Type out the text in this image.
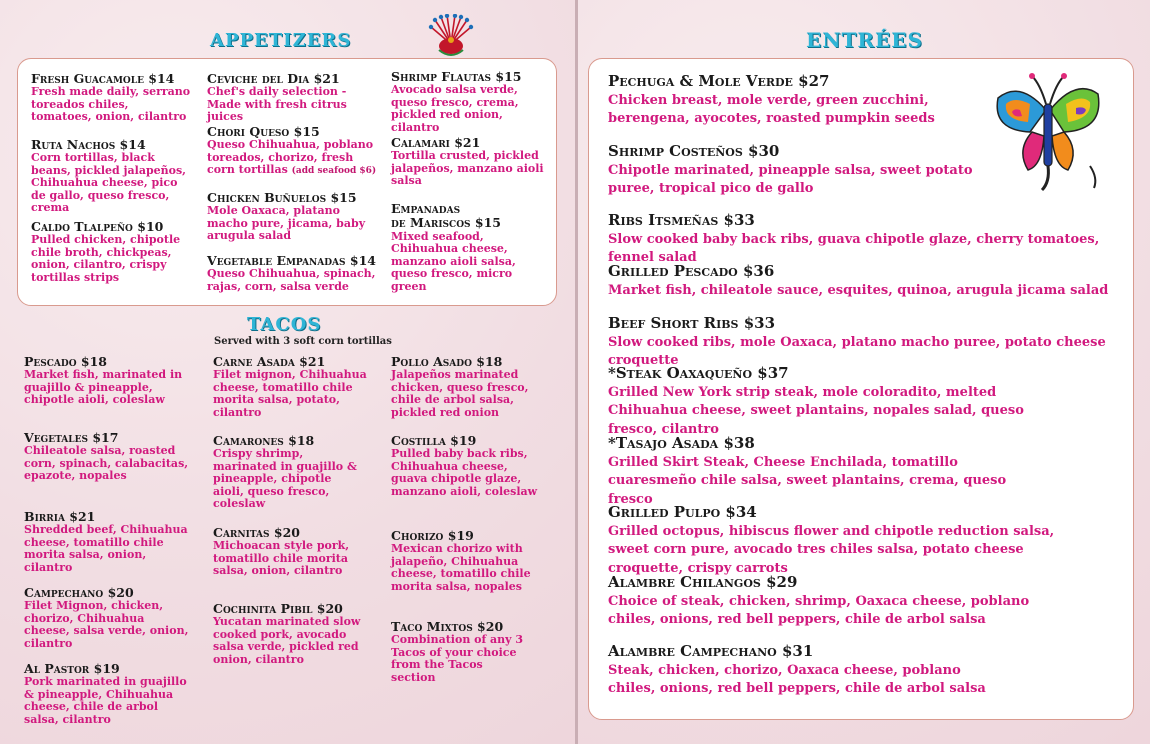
APPETIZERS
Fresh Guacamole $14
Fresh made daily, serrano toreados chiles, tomatoes, onion, cilantro
Ruta Nachos $14
Corn tortillas, black beans, pickled jalapeños, Chihuahua cheese, pico de gallo, queso fresco, crema
Caldo Tlalpeño $10
Pulled chicken, chipotle chile broth, chickpeas, onion, cilantro, crispy tortillas strips
Ceviche del Dia $21
Chef's daily selection - Made with fresh citrus juices
Chori Queso $15
Queso Chihuahua, poblano toreados, chorizo, fresh corn tortillas (add seafood $6)
Chicken Buñuelos $15
Mole Oaxaca, platano macho pure, jicama, baby arugula salad
Vegetable Empanadas $14
Queso Chihuahua, spinach, rajas, corn, salsa verde
Shrimp Flautas $15
Avocado salsa verde, queso fresco, crema, pickled red onion, cilantro
Calamari $21
Tortilla crusted, pickled jalapeños, manzano aioli salsa
Empanadas
de Mariscos $15
Mixed seafood, Chihuahua cheese, manzano aioli salsa, queso fresco, micro green
TACOS
Served with 3 soft corn tortillas
Pescado $18
Market fish, marinated in guajillo & pineapple, chipotle aioli, coleslaw
Vegetales $17
Chileatole salsa, roasted corn, spinach, calabacitas, epazote, nopales
Birria $21
Shredded beef, Chihuahua cheese, tomatillo chile morita salsa, onion, cilantro
Campechano $20
Filet Mignon, chicken, chorizo, Chihuahua cheese, salsa verde, onion, cilantro
Al Pastor $19
Pork marinated in guajillo & pineapple, Chihuahua cheese, chile de arbol salsa, cilantro
Carne Asada $21
Filet mignon, Chihuahua cheese, tomatillo chile morita salsa, potato, cilantro
Camarones $18
Crispy shrimp, marinated in guajillo & pineapple, chipotle aioli, queso fresco, coleslaw
Carnitas $20
Michoacan style pork, tomatillo chile morita salsa, onion, cilantro
Cochinita Pibil $20
Yucatan marinated slow cooked pork, avocado salsa verde, pickled red onion, cilantro
Pollo Asado $18
Jalapeños marinated chicken, queso fresco, chile de arbol salsa, pickled red onion
Costilla $19
Pulled baby back ribs, Chihuahua cheese, guava chipotle glaze, manzano aioli, coleslaw
Chorizo $19
Mexican chorizo with jalapeño, Chihuahua cheese, tomatillo chile morita salsa, nopales
Taco Mixtos $20
Combination of any 3 Tacos of your choice from the Tacos section
ENTRÉES
Pechuga & Mole Verde $27
Chicken breast, mole verde, green zucchini, berengena, ayocotes, roasted pumpkin seeds
Shrimp Costeños $30
Chipotle marinated, pineapple salsa, sweet potato puree, tropical pico de gallo
Ribs Itsmeñas $33
Slow cooked baby back ribs, guava chipotle glaze, cherry tomatoes, fennel salad
Grilled Pescado $36
Market fish, chileatole sauce, esquites, quinoa, arugula jicama salad
Beef Short Ribs $33
Slow cooked ribs, mole Oaxaca, platano macho puree, potato cheese croquette
*Steak Oaxaqueño $37
Grilled New York strip steak, mole coloradito, melted Chihuahua cheese, sweet plantains, nopales salad, queso fresco, cilantro
*Tasajo Asada $38
Grilled Skirt Steak, Cheese Enchilada, tomatillo cuaresmeño chile salsa, sweet plantains, crema, queso fresco
Grilled Pulpo $34
Grilled octopus, hibiscus flower and chipotle reduction salsa, sweet corn pure, avocado tres chiles salsa, potato cheese croquette, crispy carrots
Alambre Chilangos $29
Choice of steak, chicken, shrimp, Oaxaca cheese, poblano chiles, onions, red bell peppers, chile de arbol salsa
Alambre Campechano $31
Steak, chicken, chorizo, Oaxaca cheese, poblano chiles, onions, red bell peppers, chile de arbol salsa
